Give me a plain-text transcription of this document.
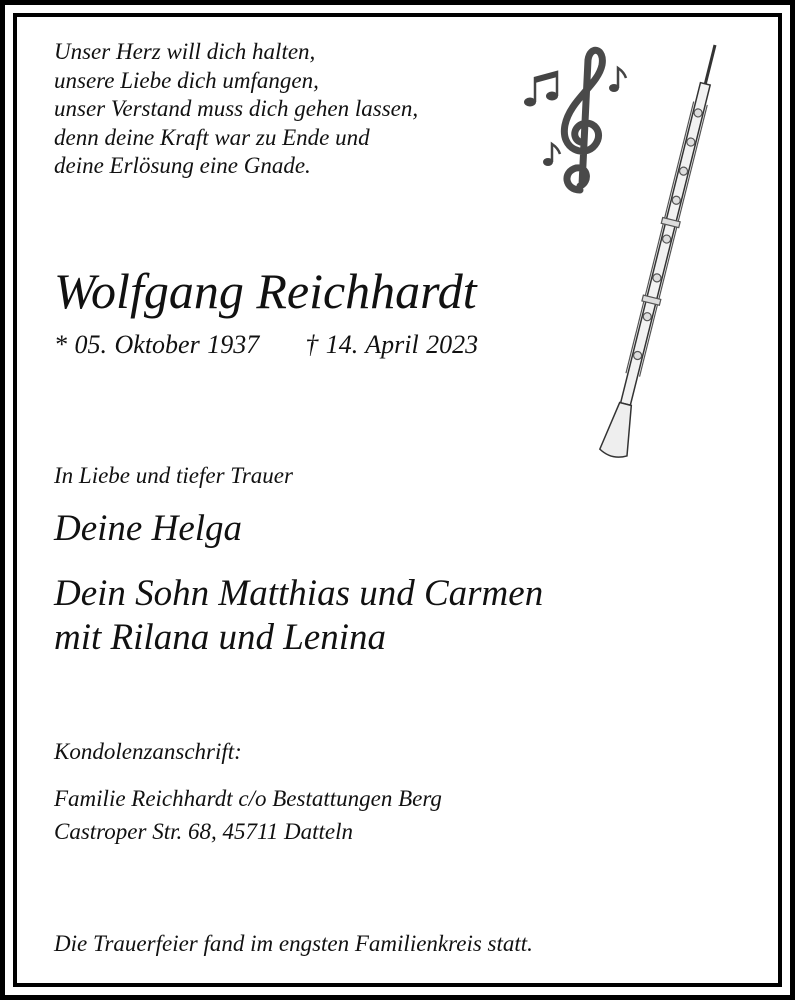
Unser Herz will dich halten,
unsere Liebe dich umfangen,
unser Verstand muss dich gehen lassen,
denn deine Kraft war zu Ende und
deine Erlösung eine Gnade.
Wolfgang Reichhardt
* 05. Oktober 1937 † 14. April 2023
In Liebe und tiefer Trauer
Deine Helga
Dein Sohn Matthias und Carmen
mit Rilana und Lenina
Kondolenzanschrift:
Familie Reichhardt c/o Bestattungen Berg
Castroper Str. 68, 45711 Datteln
Die Trauerfeier fand im engsten Familienkreis statt.
